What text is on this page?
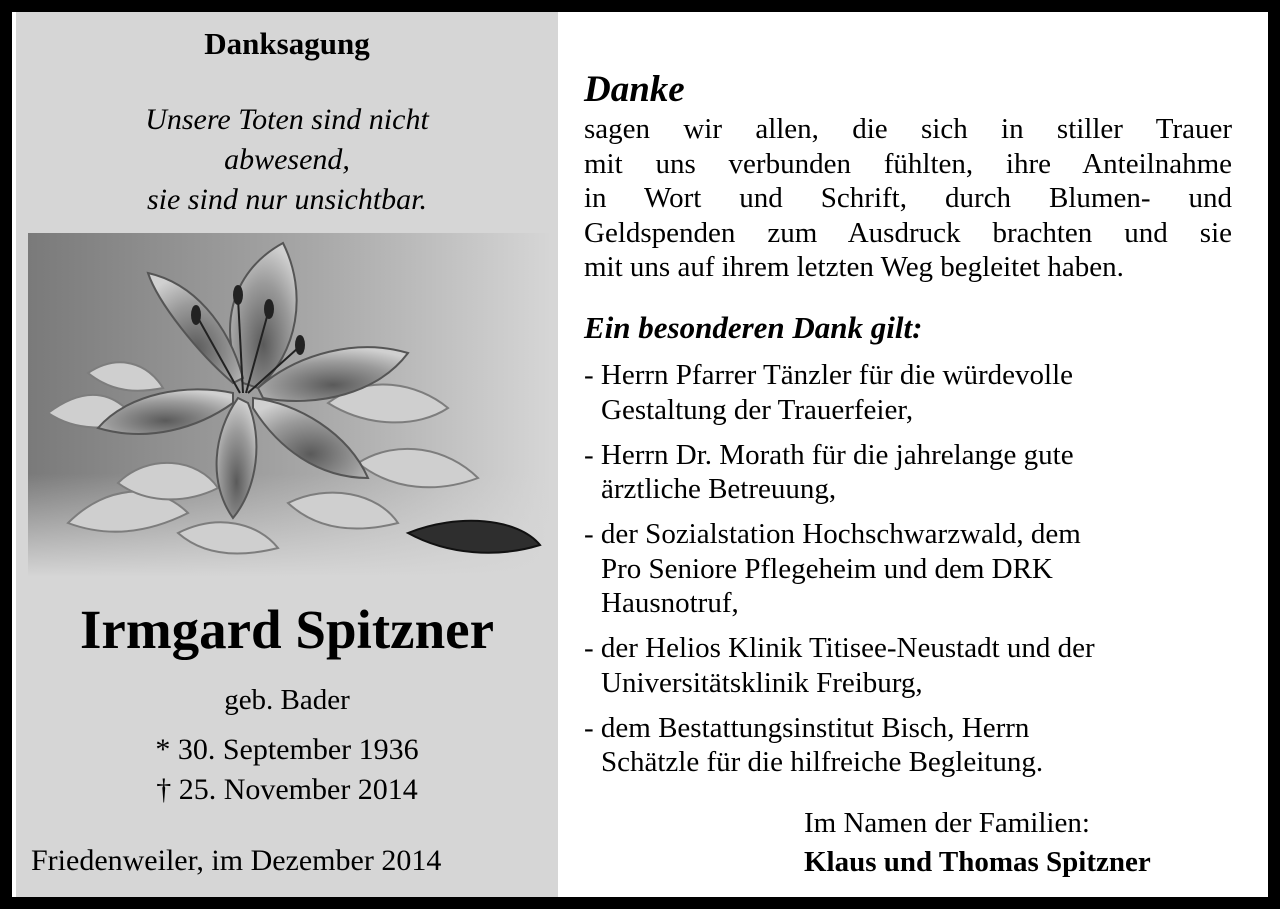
Danksagung
Unsere Toten sind nicht
abwesend,
sie sind nur unsichtbar.
Irmgard Spitzner
geb. Bader
* 30. September 1936
† 25. November 2014
Friedenweiler, im Dezember 2014
Danke
sagen wir allen, die sich in stiller Trauer
mit uns verbunden fühlten, ihre Anteilnahme
in Wort und Schrift, durch Blumen- und
Geldspenden zum Ausdruck brachten und sie
mit uns auf ihrem letzten Weg begleitet haben.
Ein besonderen Dank gilt:
- Herrn Pfarrer Tänzler für die würdevolle
Gestaltung der Trauerfeier,
- Herrn Dr. Morath für die jahrelange gute
ärztliche Betreuung,
- der Sozialstation Hochschwarzwald, dem
Pro Seniore Pflegeheim und dem DRK
Hausnotruf,
- der Helios Klinik Titisee-Neustadt und der
Universitätsklinik Freiburg,
- dem Bestattungsinstitut Bisch, Herrn
Schätzle für die hilfreiche Begleitung.
Im Namen der Familien:
Klaus und Thomas Spitzner
